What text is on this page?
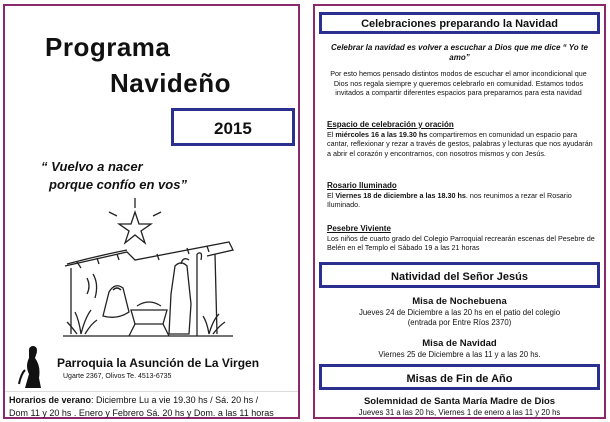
Programa
Navideño
2015
“ Vuelvo a nacer
porque confío en vos”
Parroquia la Asunción de La Virgen
Ugarte 2367, Olivos Te. 4513-6735
Horarios de verano: Diciembre Lu a vie 19.30 hs / Sá. 20 hs /
Dom 11 y 20 hs . Enero y Febrero Sá. 20 hs y Dom. a las 11 horas
Celebraciones preparando la Navidad
Celebrar la navidad es volver a escuchar a Dios que me dice “ Yo te amo”
Por esto hemos pensado distintos modos de escuchar el amor incondicional que Dios nos regala siempre y queremos celebrarlo en comunidad. Estamos todos invitados a compartir diferentes espacios para prepararnos para esta navidad
Espacio de celebración y oración
El miércoles 16 a las 19.30 hs compartiremos en comunidad un espacio para cantar, reflexionar y rezar a través de gestos, palabras y lecturas que nos ayudarán a abrir el corazón y encontrarnos, con nosotros mismos y con Jesús.
Rosario Iluminado
El Viernes 18 de diciembre a las 18.30 hs. nos reunimos a rezar el Rosario Iluminado.
Pesebre Viviente
Los niños de cuarto grado del Colegio Parroquial recrearán escenas del Pesebre de Belén en el Templo el Sábado 19 a las 21 horas
Natividad del Señor Jesús
Misa de Nochebuena
Jueves 24 de Diciembre a las 20 hs en el patio del colegio
(entrada por Entre Ríos 2370)
Misa de Navidad
Viernes 25 de Diciembre a las 11 y a las 20 hs.
Misas de Fin de Año
Solemnidad de Santa María Madre de Dios
Jueves 31 a las 20 hs, Viernes 1 de enero a las 11 y 20 hs
